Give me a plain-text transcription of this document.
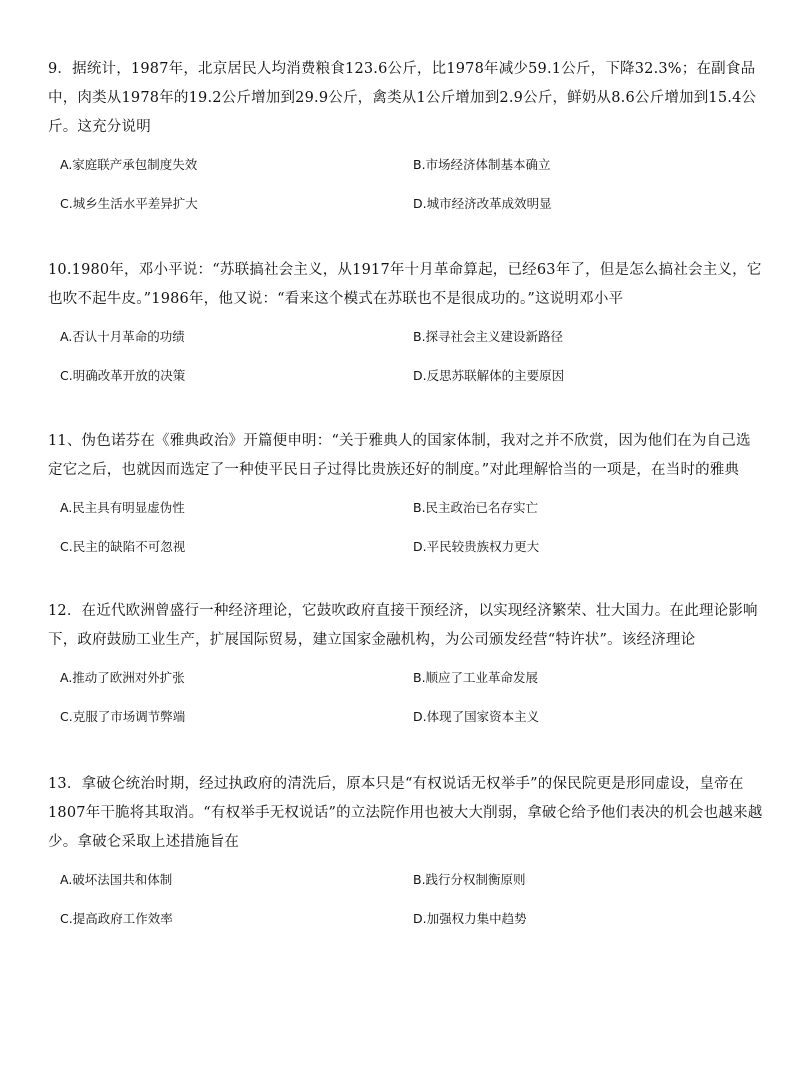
9．据统计，1987年，北京居民人均消费粮食123.6公斤，比1978年减少59.1公斤，下降32.3%；在副食品中，肉类从1978年的19.2公斤增加到29.9公斤，禽类从1公斤增加到2.9公斤，鲜奶从8.6公斤增加到15.4公斤。这充分说明

A.家庭联产承包制度失效	B.市场经济体制基本确立
C.城乡生活水平差异扩大	D.城市经济改革成效明显

10.1980年，邓小平说：“苏联搞社会主义，从1917年十月革命算起，已经63年了，但是怎么搞社会主义，它也吹不起牛皮。”1986年，他又说：“看来这个模式在苏联也不是很成功的。”这说明邓小平

A.否认十月革命的功绩	B.探寻社会主义建设新路径
C.明确改革开放的决策	D.反思苏联解体的主要原因

11、伪色诺芬在《雅典政治》开篇便申明：“关于雅典人的国家体制，我对之并不欣赏，因为他们在为自己选定它之后，也就因而选定了一种使平民日子过得比贵族还好的制度。”对此理解恰当的一项是，在当时的雅典

A.民主具有明显虚伪性	B.民主政治已名存实亡
C.民主的缺陷不可忽视	D.平民较贵族权力更大

12．在近代欧洲曾盛行一种经济理论，它鼓吹政府直接干预经济，以实现经济繁荣、壮大国力。在此理论影响下，政府鼓励工业生产，扩展国际贸易，建立国家金融机构，为公司颁发经营“特许状”。该经济理论

A.推动了欧洲对外扩张	B.顺应了工业革命发展
C.克服了市场调节弊端	D.体现了国家资本主义

13．拿破仑统治时期，经过执政府的清洗后，原本只是“有权说话无权举手”的保民院更是形同虚设，皇帝在1807年干脆将其取消。“有权举手无权说话”的立法院作用也被大大削弱，拿破仑给予他们表决的机会也越来越少。拿破仑采取上述措施旨在

A.破坏法国共和体制	B.践行分权制衡原则
C.提高政府工作效率	D.加强权力集中趋势
